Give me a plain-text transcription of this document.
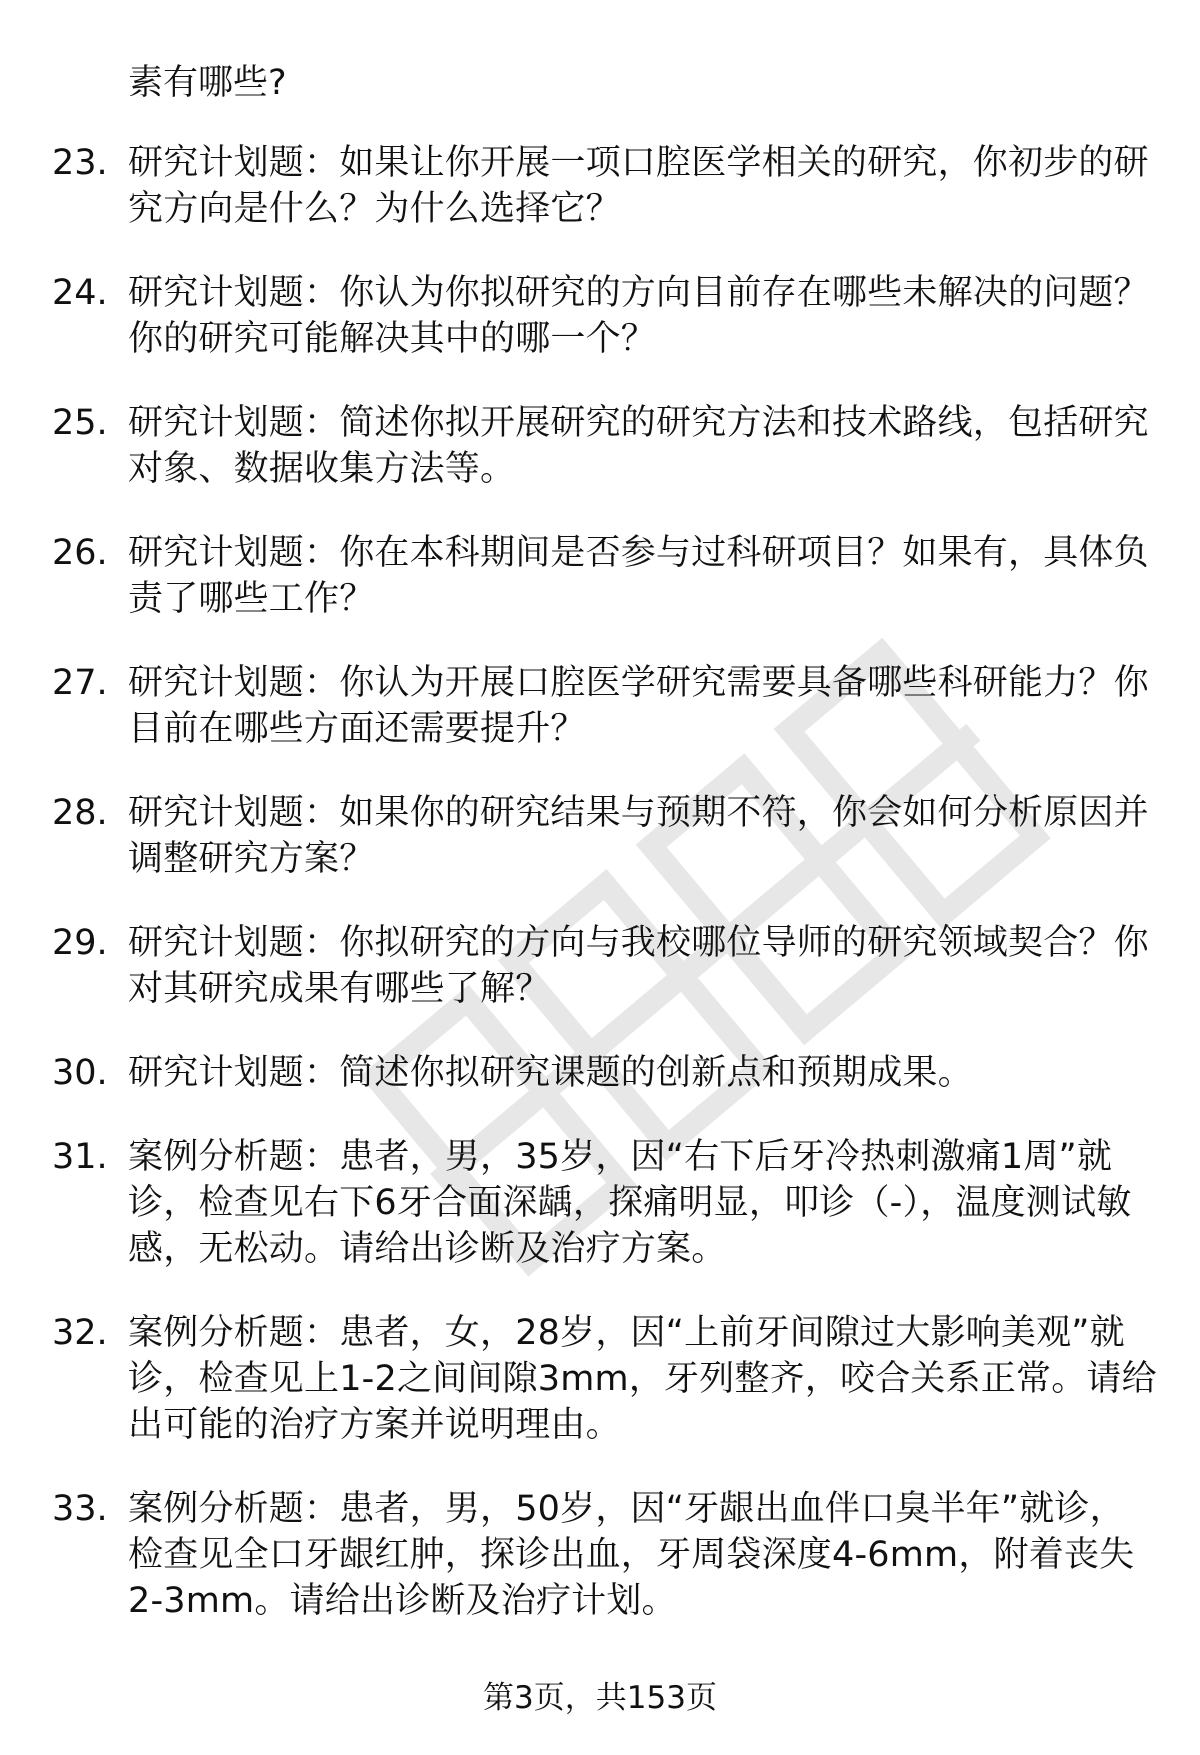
素有哪些?
23. 研究计划题：如果让你开展一项口腔医学相关的研究，你初步的研究方向是什么？为什么选择它？
24. 研究计划题：你认为你拟研究的方向目前存在哪些未解决的问题？你的研究可能解决其中的哪一个？
25. 研究计划题：简述你拟开展研究的研究方法和技术路线，包括研究对象、数据收集方法等。
26. 研究计划题：你在本科期间是否参与过科研项目？如果有，具体负责了哪些工作？
27. 研究计划题：你认为开展口腔医学研究需要具备哪些科研能力？你目前在哪些方面还需要提升？
28. 研究计划题：如果你的研究结果与预期不符，你会如何分析原因并调整研究方案？
29. 研究计划题：你拟研究的方向与我校哪位导师的研究领域契合？你对其研究成果有哪些了解？
30. 研究计划题：简述你拟研究课题的创新点和预期成果。
31. 案例分析题：患者，男，35岁，因“右下后牙冷热刺激痛1周”就诊，检查见右下6牙合面深龋，探痛明显，叩诊（-），温度测试敏感，无松动。请给出诊断及治疗方案。
32. 案例分析题：患者，女，28岁，因“上前牙间隙过大影响美观”就诊，检查见上1-2之间间隙3mm，牙列整齐，咬合关系正常。请给出可能的治疗方案并说明理由。
33. 案例分析题：患者，男，50岁，因“牙龈出血伴口臭半年”就诊，检查见全口牙龈红肿，探诊出血，牙周袋深度4-6mm，附着丧失2-3mm。请给出诊断及治疗计划。
第3页，共153页
